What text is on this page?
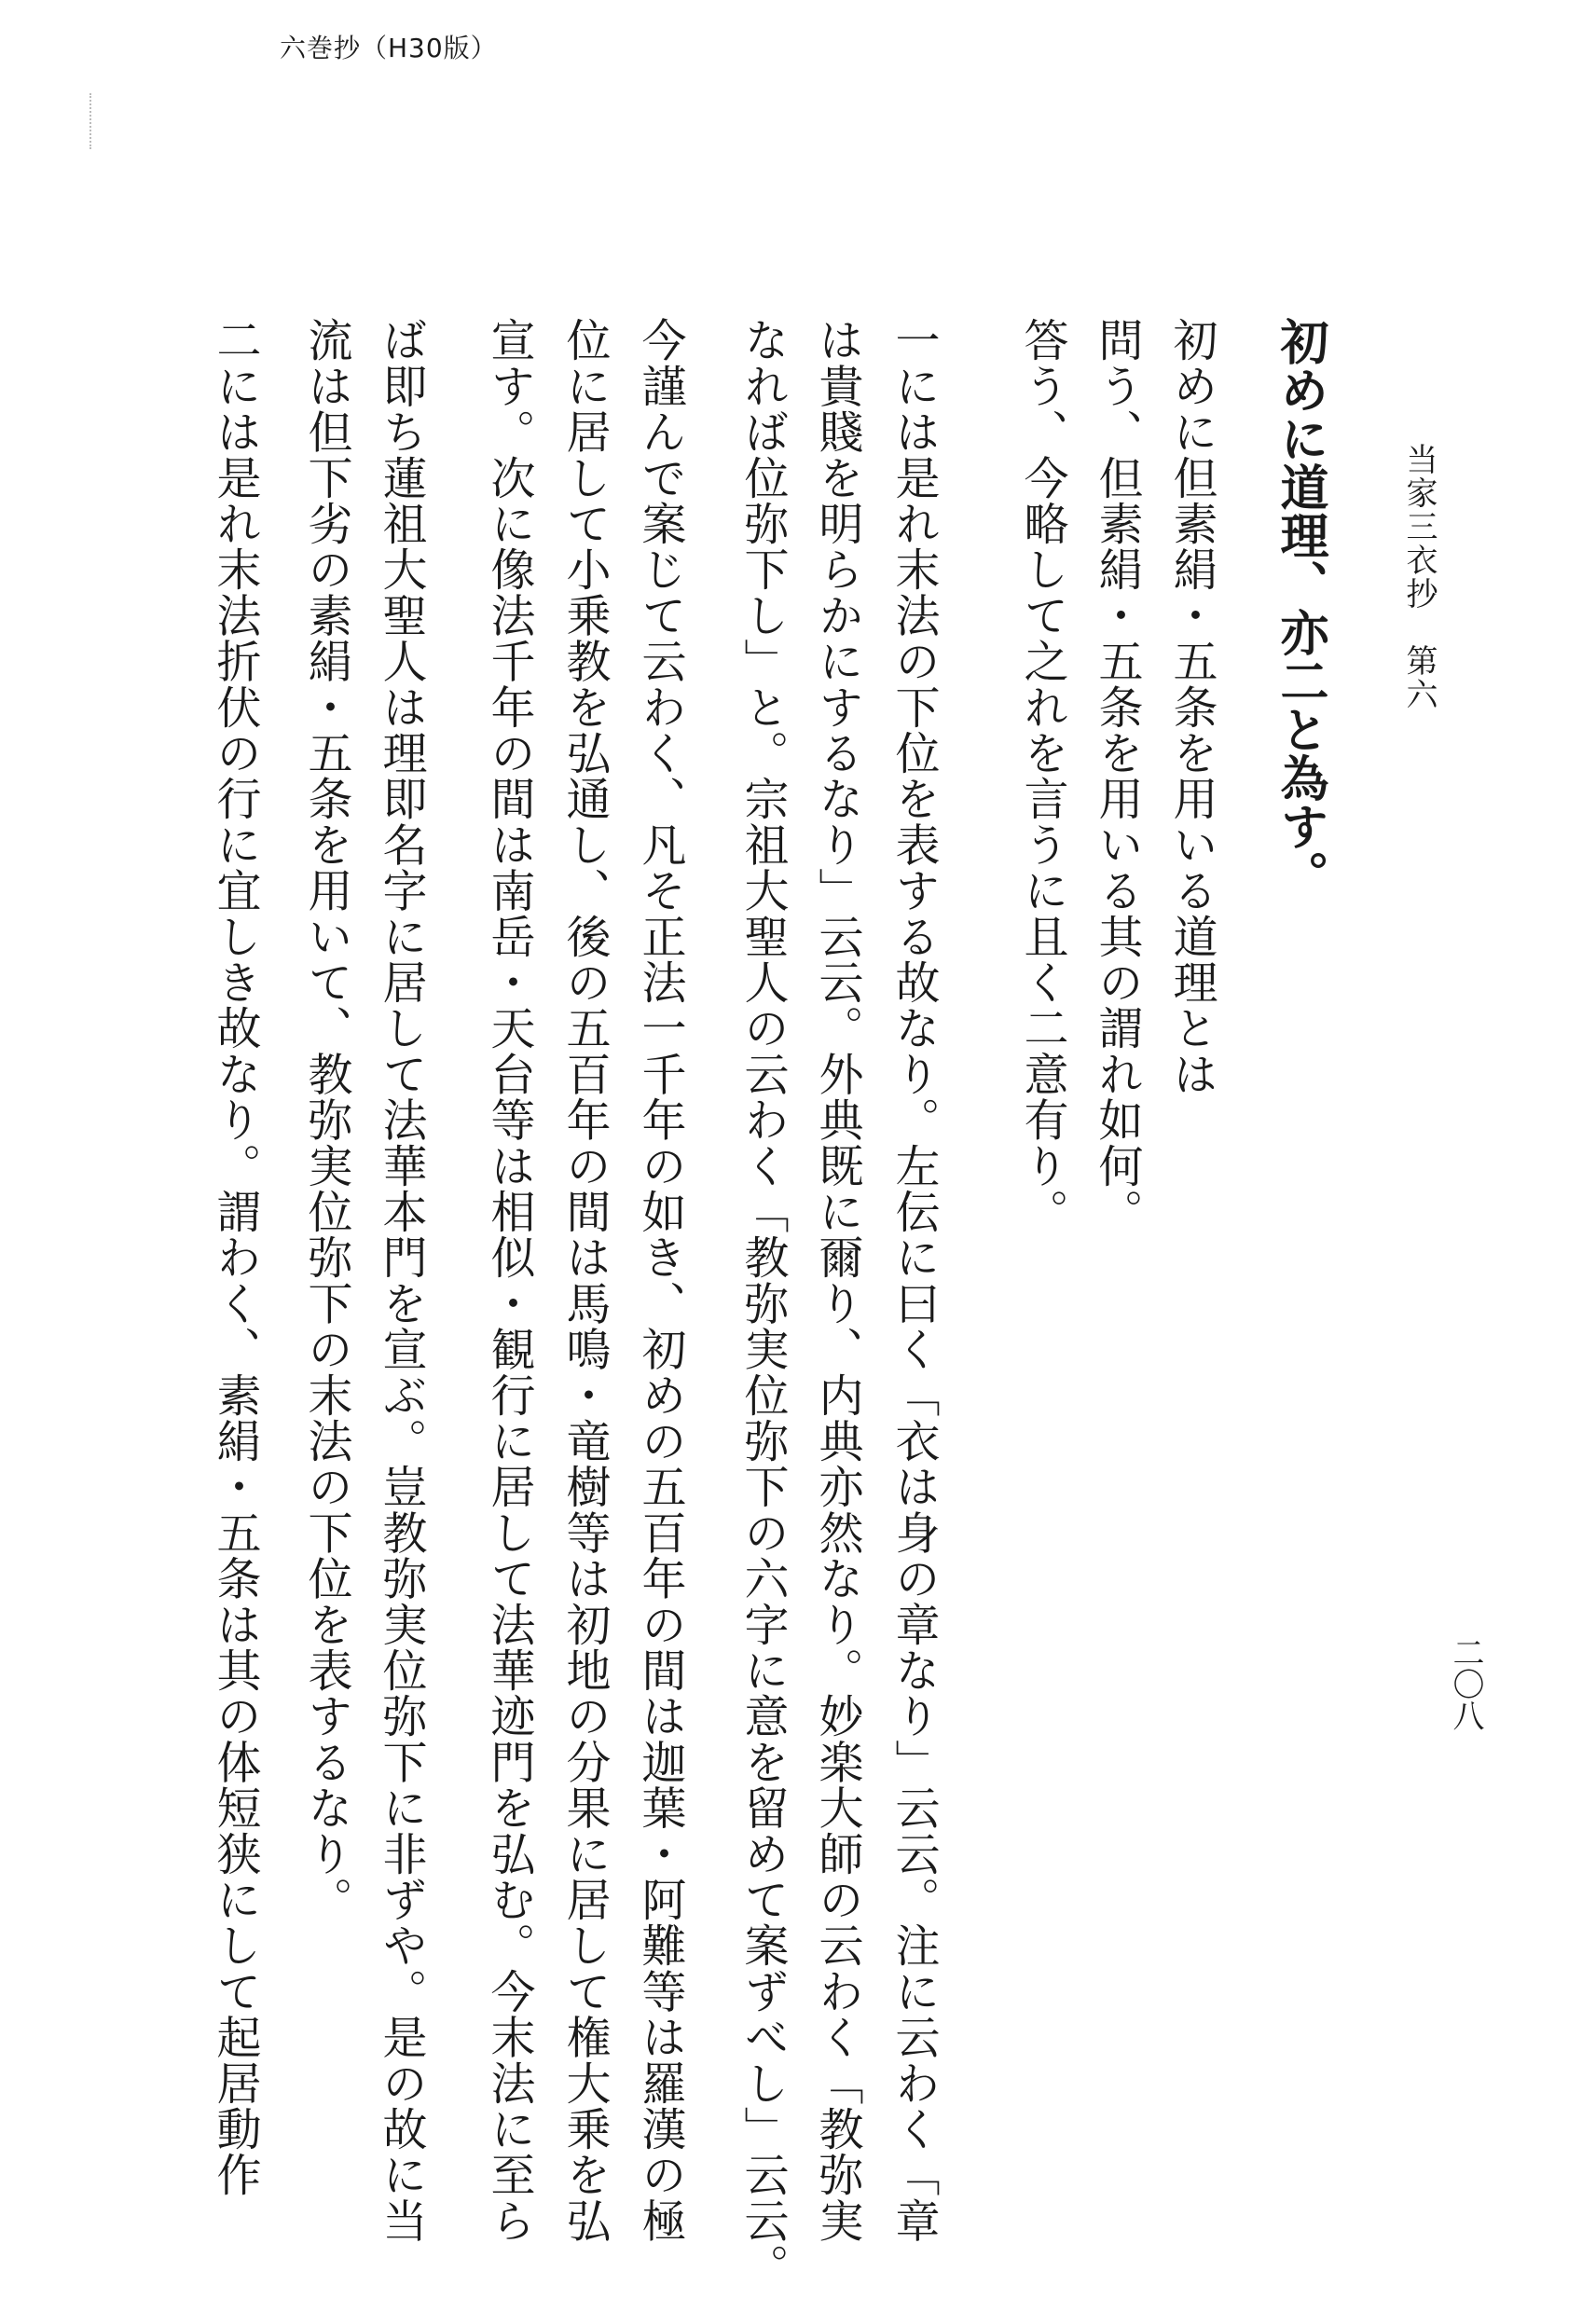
六巻抄（H30版）
当家三衣抄　第六
二〇八
初めに道理、亦二と為す。
初めに但素絹・五条を用いる道理とは
問う、但素絹・五条を用いる其の謂れ如何。
答う、今略して之れを言うに且く二意有り。
一には是れ末法の下位を表する故なり。左伝に曰く「衣は身の章なり」云云。注に云わく「章
は貴賤を明らかにするなり」云云。外典既に爾り、内典亦然なり。妙楽大師の云わく「教弥実
なれば位弥下し」と。宗祖大聖人の云わく「教弥実位弥下の六字に意を留めて案ずべし」云云。
今謹んで案じて云わく、凡そ正法一千年の如き、初めの五百年の間は迦葉・阿難等は羅漢の極
位に居して小乗教を弘通し、後の五百年の間は馬鳴・竜樹等は初地の分果に居して権大乗を弘
宣す。次に像法千年の間は南岳・天台等は相似・観行に居して法華迹門を弘む。今末法に至ら
ば即ち蓮祖大聖人は理即名字に居して法華本門を宣ぶ。豈教弥実位弥下に非ずや。是の故に当
流は但下劣の素絹・五条を用いて、教弥実位弥下の末法の下位を表するなり。
二には是れ末法折伏の行に宜しき故なり。謂わく、素絹・五条は其の体短狭にして起居動作
